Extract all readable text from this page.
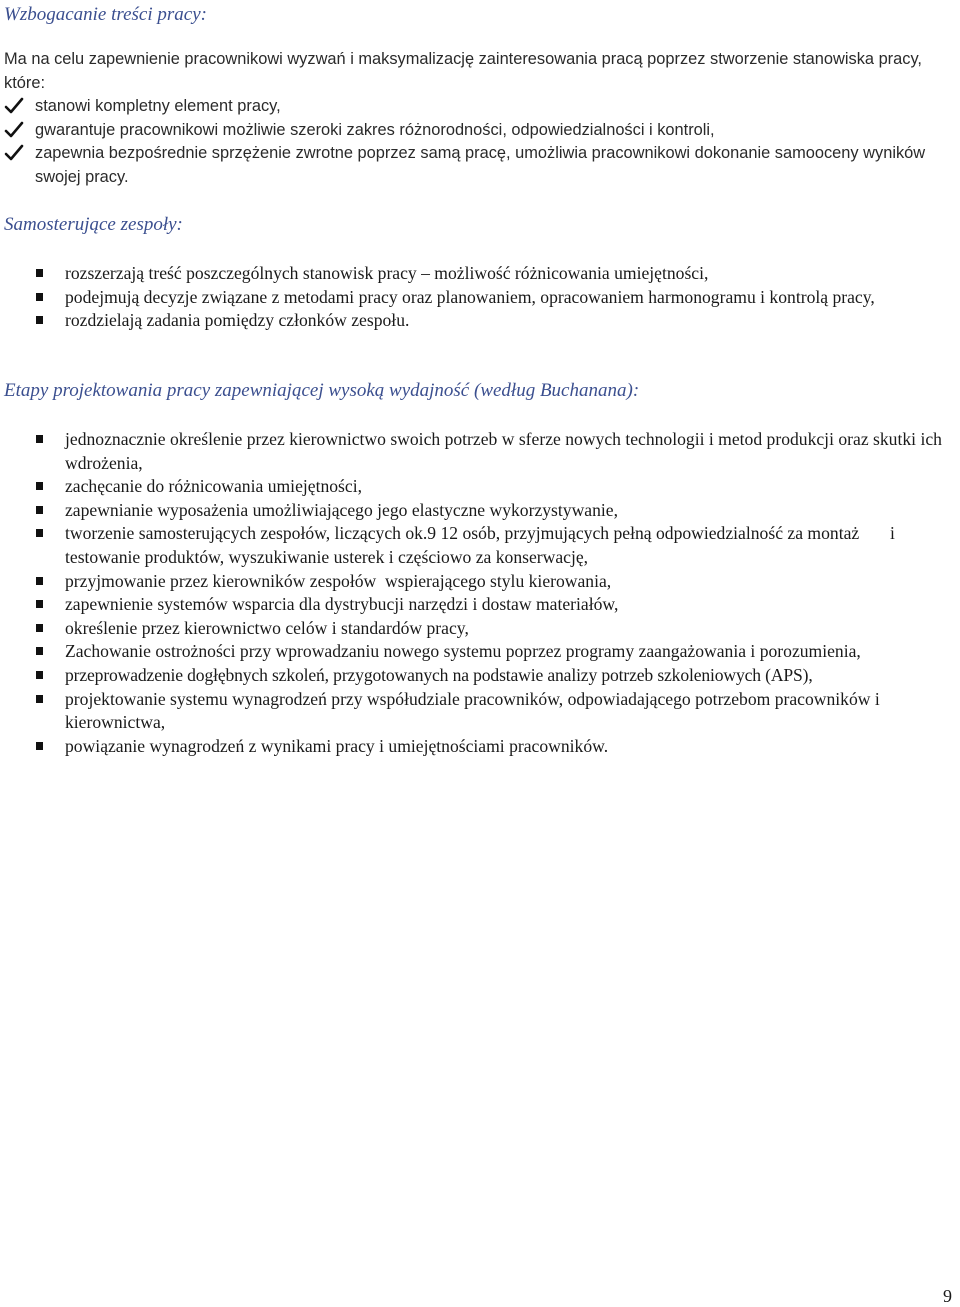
Wzbogacanie treści pracy:
Ma na celu zapewnienie pracownikowi wyzwań i maksymalizację zainteresowania pracą poprzez stworzenie stanowiska pracy, które:
stanowi kompletny element pracy,
gwarantuje pracownikowi możliwie szeroki zakres różnorodności, odpowiedzialności i kontroli,
zapewnia bezpośrednie sprzężenie zwrotne poprzez samą pracę, umożliwia pracownikowi dokonanie samooceny wyników swojej pracy.
Samosterujące zespoły:
rozszerzają treść poszczególnych stanowisk pracy – możliwość różnicowania umiejętności,
podejmują decyzje związane z metodami pracy oraz planowaniem, opracowaniem harmonogramu i kontrolą pracy,
rozdzielają zadania pomiędzy członków zespołu.
Etapy projektowania pracy zapewniającej wysoką wydajność (według Buchanana):
jednoznacznie określenie przez kierownictwo swoich potrzeb w sferze nowych technologii i metod produkcji oraz skutki ich wdrożenia,
zachęcanie do różnicowania umiejętności,
zapewnianie wyposażenia umożliwiającego jego elastyczne wykorzystywanie,
tworzenie samosterujących zespołów, liczących ok.9 12 osób, przyjmujących pełną odpowiedzialność za montaż       i testowanie produktów, wyszukiwanie usterek i częściowo za konserwację,
przyjmowanie przez kierowników zespołów  wspierającego stylu kierowania,
zapewnienie systemów wsparcia dla dystrybucji narzędzi i dostaw materiałów,
określenie przez kierownictwo celów i standardów pracy,
Zachowanie ostrożności przy wprowadzaniu nowego systemu poprzez programy zaangażowania i porozumienia,
przeprowadzenie dogłębnych szkoleń, przygotowanych na podstawie analizy potrzeb szkoleniowych (APS),
projektowanie systemu wynagrodzeń przy współudziale pracowników, odpowiadającego potrzebom pracowników i kierownictwa,
powiązanie wynagrodzeń z wynikami pracy i umiejętnościami pracowników.
9
